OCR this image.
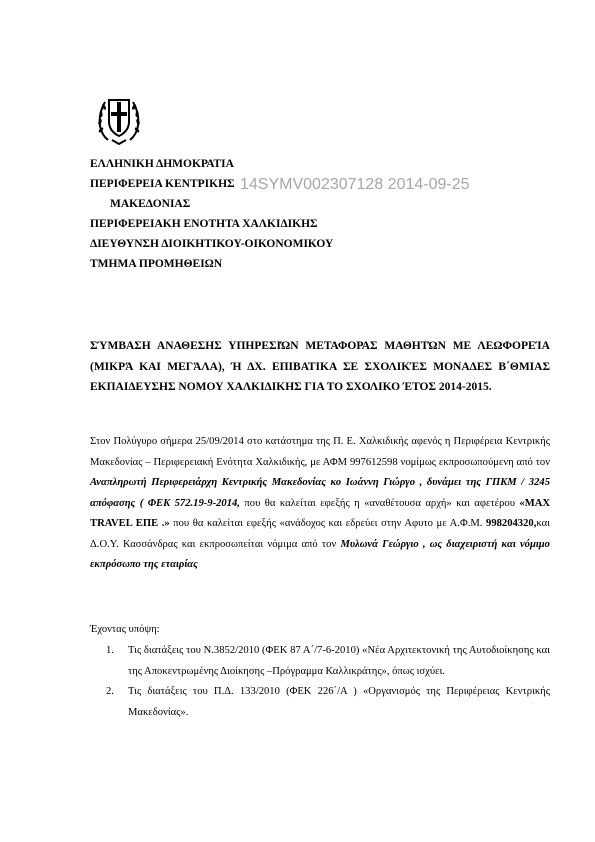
ΕΛΛΗΝΙΚΗ ΔΗΜΟΚΡΑΤΙΑ
ΠΕΡΙΦΕΡΕΙΑ ΚΕΝΤΡΙΚΗΣ
ΜΑΚΕΔΟΝΙΑΣ
ΠΕΡΙΦΕΡΕΙΑΚΗ ΕΝΟΤΗΤΑ ΧΑΛΚΙΔΙΚΗΣ
ΔΙΕΥΘΥΝΣΗ ΔΙΟΙΚΗΤΙΚΟΥ-ΟΙΚΟΝΟΜΙΚΟΥ
ΤΜΗΜΑ ΠΡΟΜΗΘΕΙΩΝ
14SYMV002307128 2014-09-25
ΣΎΜΒΑΣΗ ΑΝΑΘΕΣΗΣ ΥΠΗΡΕΣΙΏΝ ΜΕΤΑΦΟΡΑΣ ΜΑΘΗΤΏΝ ΜΕ ΛΕΩΦΟΡΕΊΑ (ΜΙΚΡΆ ΚΑΙ ΜΕΓΆΛΑ), Ή ΔΧ. ΕΠΙΒΑΤΙΚΑ ΣΕ ΣΧΟΛΙΚΈΣ ΜΟΝΑΔΕΣ Β΄ΘΜΙΑΣ ΕΚΠΑΙΔΕΥΣΗΣ ΝΟΜΟΥ ΧΑΛΚΙΔΙΚΗΣ ΓΙΑ ΤΟ ΣΧΟΛΙΚΟ ΈΤΟΣ 2014-2015.
Στον Πολύγυρο σήμερα 25/09/2014 στο κατάστημα της Π. Ε. Χαλκιδικής αφενός η Περιφέρεια Κεντρικής Μακεδονίας – Περιφερειακή Ενότητα Χαλκιδικής, με ΑΦΜ 997612598 νομίμως εκπροσωπούμενη από τον Αναπληρωτή Περιφερειάρχη Κεντρικής Μακεδονίας κο Ιωάννη Γιώργο , δυνάμει της ΓΠΚΜ / 3245 απόφασης ( ΦΕΚ 572.19-9-2014, που θα καλείται εφεξής η «αναθέτουσα αρχή» και αφετέρου «MAX TRAVEL ΕΠΕ .» που θα καλείται εφεξής «ανάδοχος και εδρεύει στην Αφυτο με Α.Φ.Μ. 998204320,και Δ.Ο.Υ. Κασσάνδρας και εκπροσωπείται νόμιμα από τον Μυλωνά Γεώργιο , ως διαχειριστή και νόμιμο εκπρόσωπο της εταιρίας
Έχοντας υπόψη:
1.	Τις διατάξεις του Ν.3852/2010 (ΦΕΚ 87 Α΄/7-6-2010) «Νέα Αρχιτεκτονική της Αυτοδιοίκησης και της Αποκεντρωμένης Διοίκησης –Πρόγραμμα Καλλικράτης», όπως ισχύει.
2.	Τις διατάξεις του Π.Δ. 133/2010 (ΦΕΚ 226΄/Α ) «Οργανισμός της Περιφέρειας Κεντρικής Μακεδονίας».
